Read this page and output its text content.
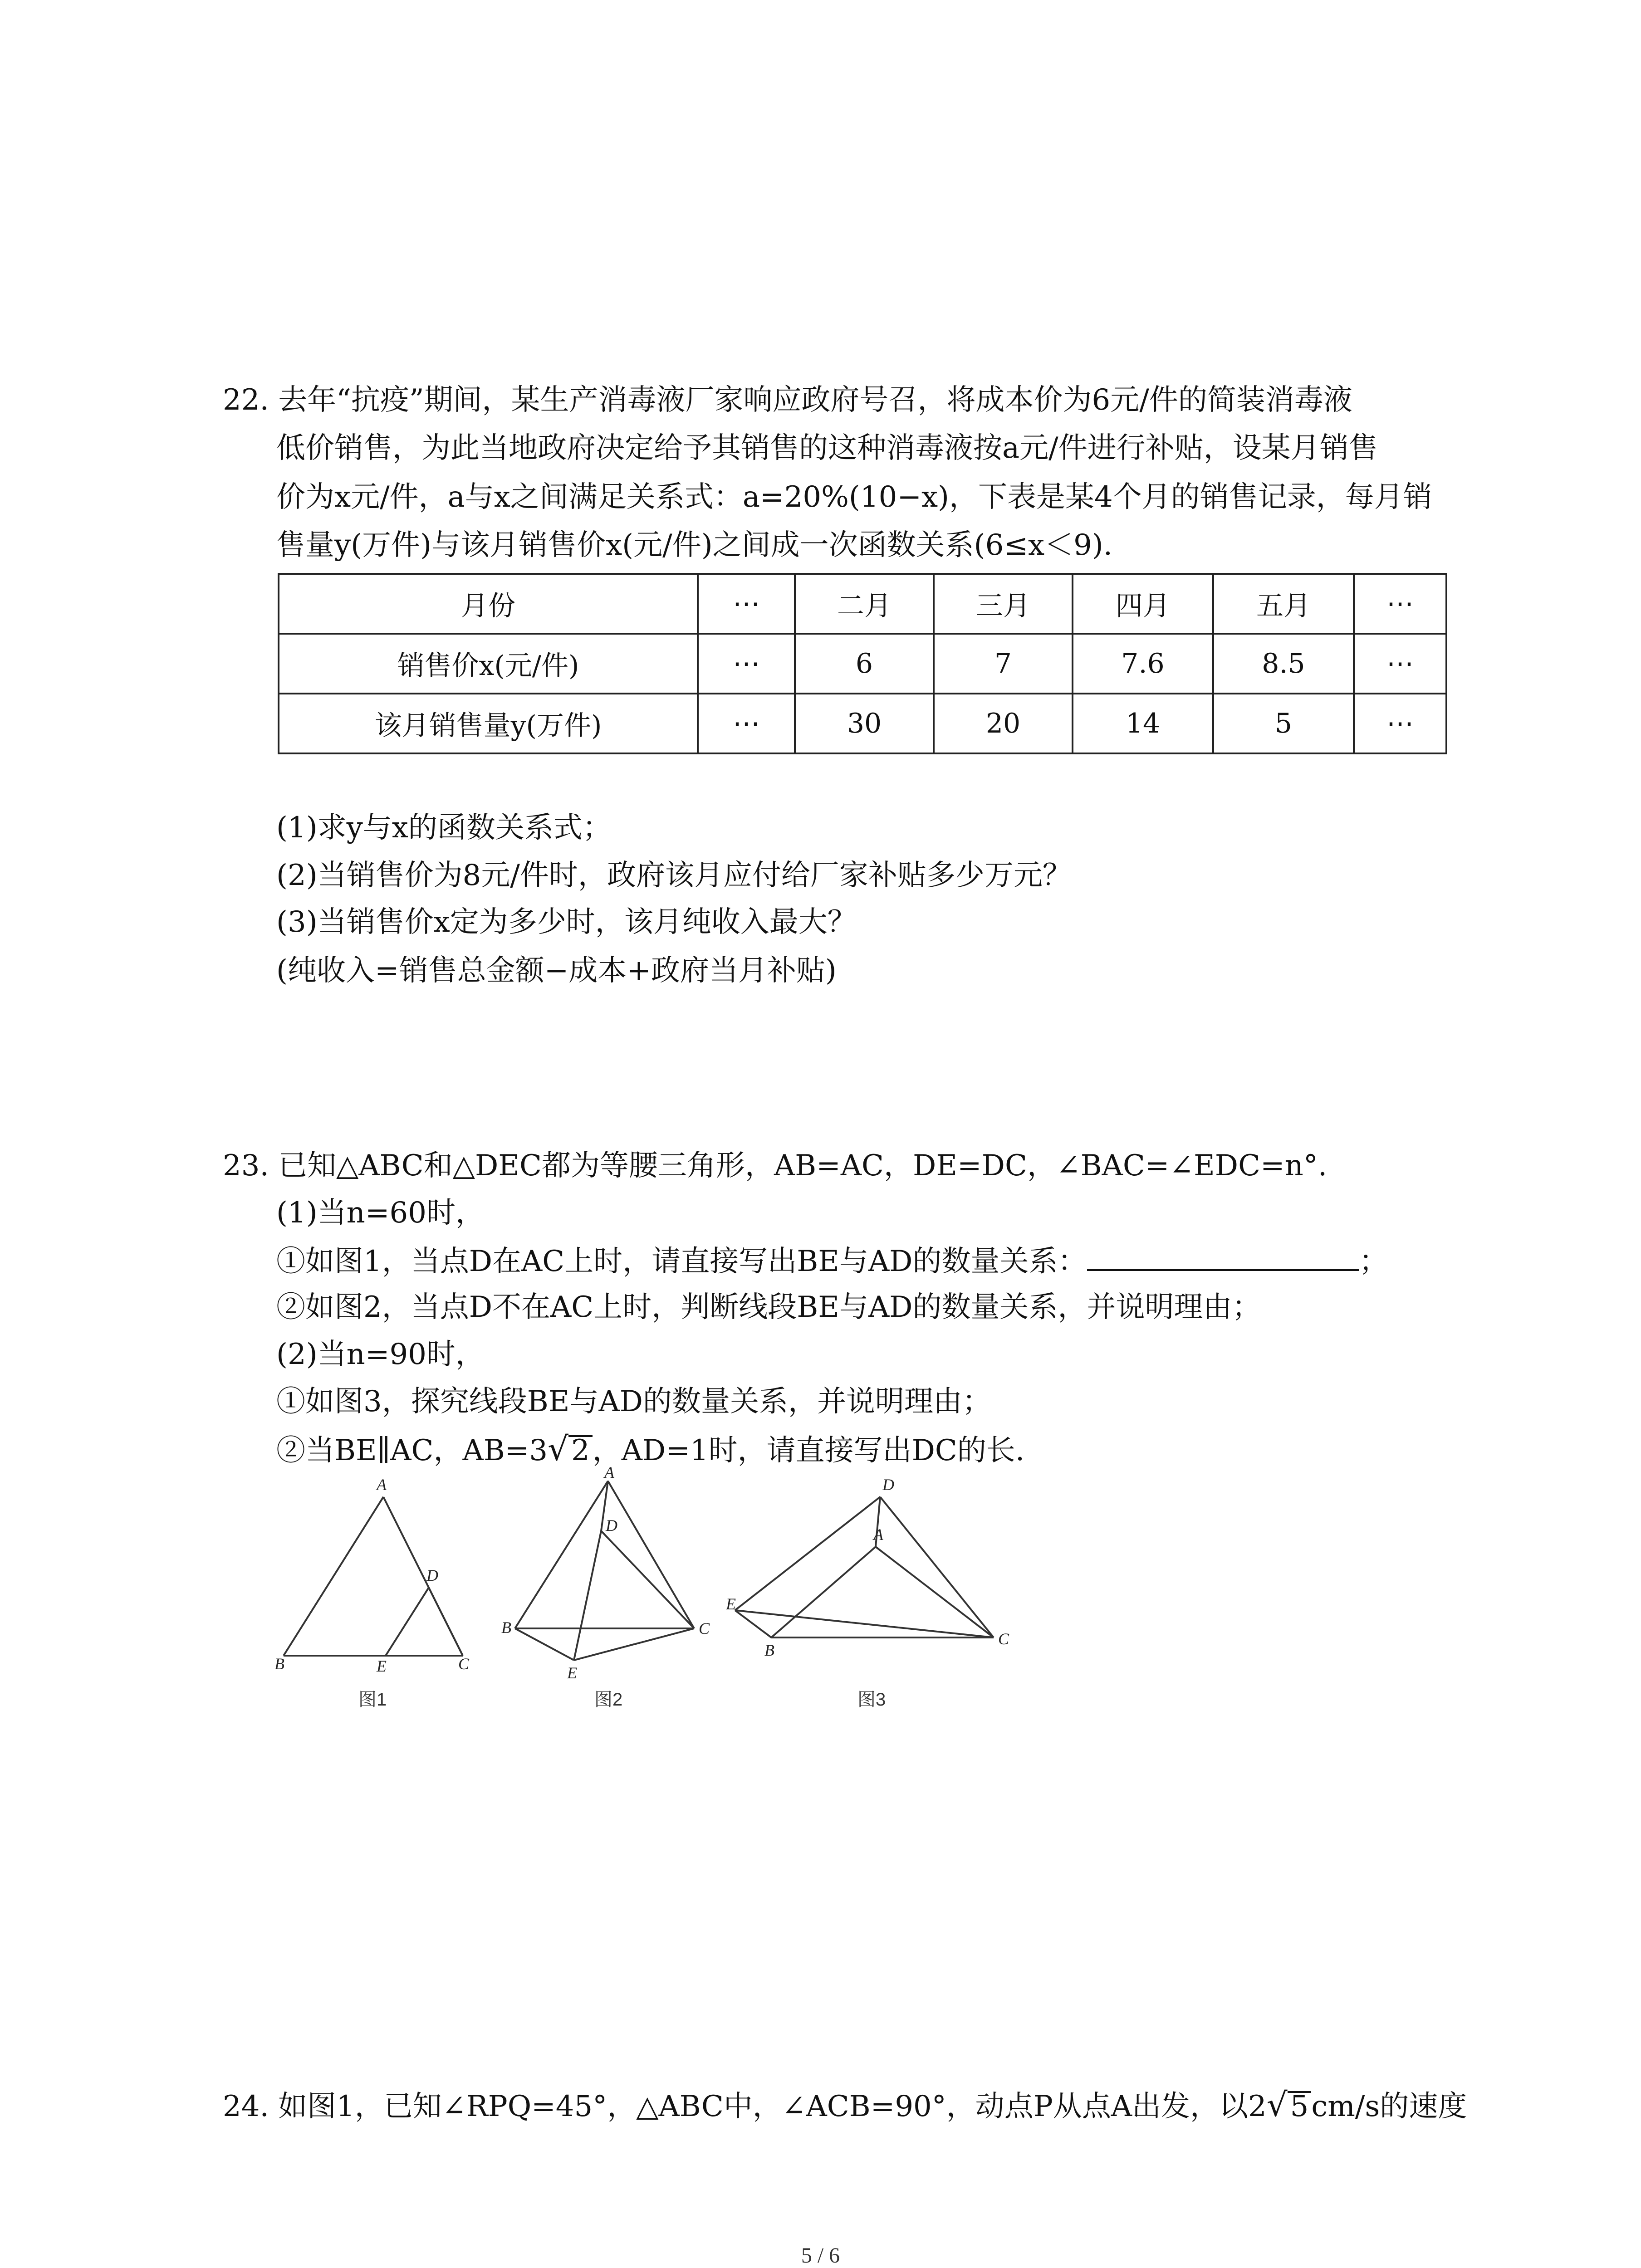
22. 去年“抗疫”期间，某生产消毒液厂家响应政府号召，将成本价为6元/件的简装消毒液
低价销售，为此当地政府决定给予其销售的这种消毒液按a元/件进行补贴，设某月销售
价为x元/件，a与x之间满足关系式：a=20%(10−x)，下表是某4个月的销售记录，每月销
售量y(万件)与该月销售价x(元/件)之间成一次函数关系(6≤x＜9).
月份	⋯	二月	三月	四月	五月	⋯
销售价x(元/件)	⋯	6	7	7.6	8.5	⋯
该月销售量y(万件)	⋯	30	20	14	5	⋯
(1)求y与x的函数关系式；
(2)当销售价为8元/件时，政府该月应付给厂家补贴多少万元？
(3)当销售价x定为多少时，该月纯收入最大？
(纯收入=销售总金额−成本+政府当月补贴)
23. 已知△ABC和△DEC都为等腰三角形，AB=AC，DE=DC，∠BAC=∠EDC=n°.
(1)当n=60时，
①如图1，当点D在AC上时，请直接写出BE与AD的数量关系：	；
②如图2，当点D不在AC上时，判断线段BE与AD的数量关系，并说明理由；
(2)当n=90时，
①如图3，探究线段BE与AD的数量关系，并说明理由；
②当BE∥AC，AB=3√2，AD=1时，请直接写出DC的长.
A
D
B	E	C
图1
A
D
B	C
E
图2
D
A
E
B
C
图3
24. 如图1，已知∠RPQ=45°，△ABC中，∠ACB=90°，动点P从点A出发，以2√5cm/s的速度
5 / 6
